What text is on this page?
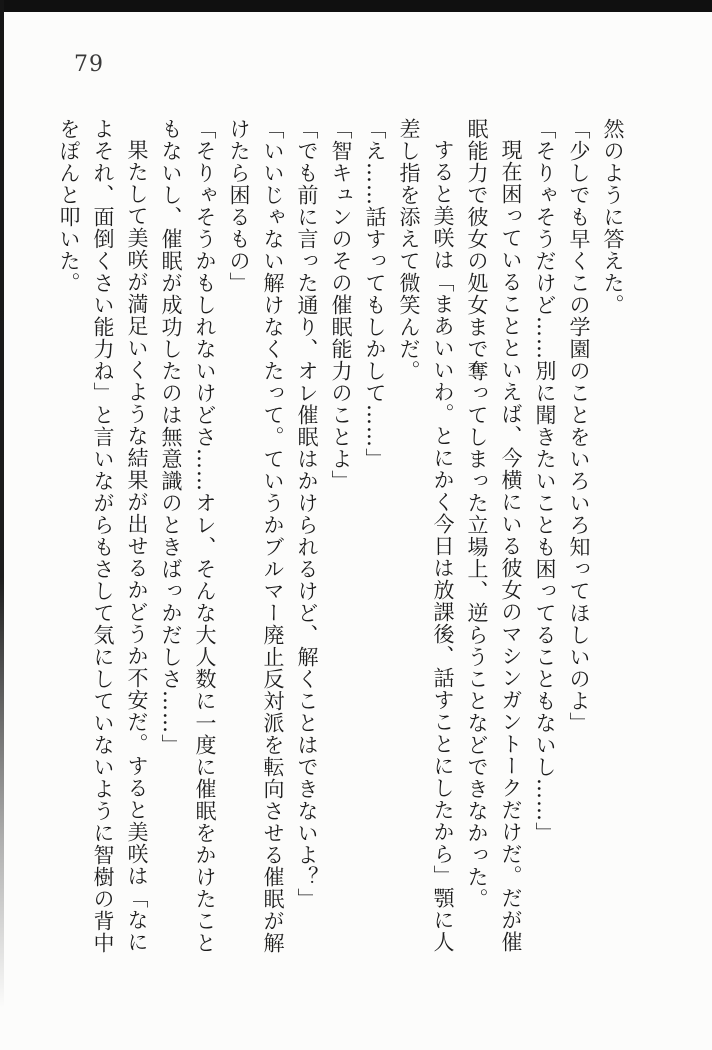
79

然のように答えた。

「少しでも早くこの学園のことをいろいろ知ってほしいのよ」

「そりゃそうだけど……別に聞きたいことも困ってることもないし……」

現在困っていることといえば、今横にいる彼女のマシンガントークだけだ。だが催眠能力で彼女の処女まで奪ってしまった立場上、逆らうことなどできなかった。

すると美咲は「まあいいわ。とにかく今日は放課後、話すことにしたから」顎に人差し指を添えて微笑んだ。

「え……話すってもしかして……」

「智キュンのその催眠能力のことよ」

「でも前に言った通り、オレ催眠はかけられるけど、解くことはできないよ？」

「いいじゃない解けなくたって。ていうかブルマー廃止反対派を転向させる催眠が解けたら困るもの」

「そりゃそうかもしれないけどさ……オレ、そんな大人数に一度に催眠をかけたこともないし、催眠が成功したのは無意識のときばっかだしさ……」

果たして美咲が満足いくような結果が出せるかどうか不安だ。すると美咲は「なによそれ、面倒くさい能力ね」と言いながらもさして気にしていないように智樹の背中をぽんと叩いた。
